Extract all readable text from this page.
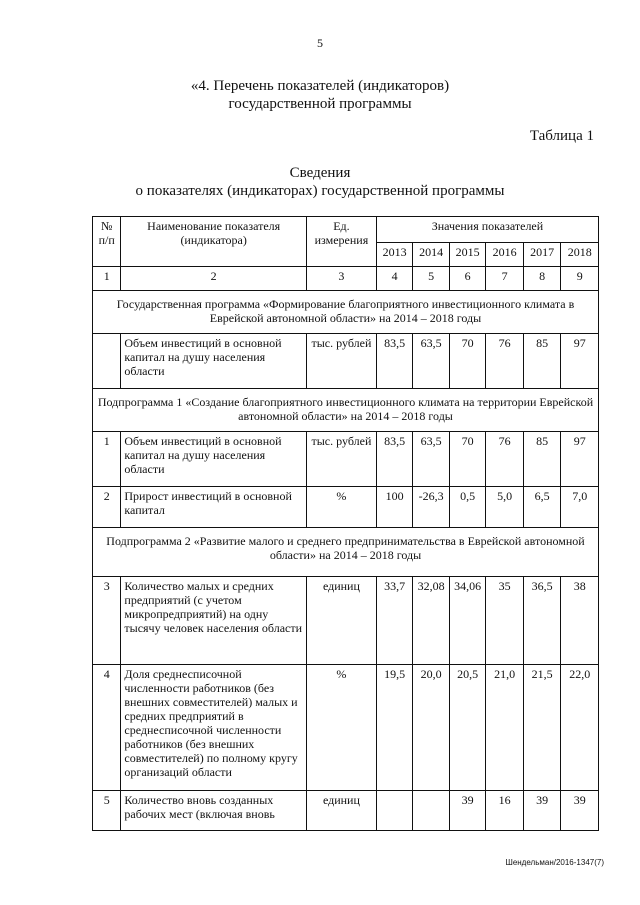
5
«4. Перечень показателей (индикаторов)
государственной программы
Таблица 1
Сведения
о показателях (индикаторах) государственной программы
№ п/п	Наименование показателя (индикатора)	Ед. измерения	Значения показателей					
			2013	2014	2015	2016	2017	2018
1	2	3	4	5	6	7	8	9
Государственная программа «Формирование благоприятного инвестиционного климата в Еврейской автономной области» на 2014 – 2018 годы								
	Объем инвестиций в основной капитал на душу населения области	тыс. рублей	83,5	63,5	70	76	85	97
Подпрограмма 1 «Создание благоприятного инвестиционного климата на территории Еврейской автономной области» на 2014 – 2018 годы								
1	Объем инвестиций в основной капитал на душу населения области	тыс. рублей	83,5	63,5	70	76	85	97
2	Прирост инвестиций в основной капитал	%	100	-26,3	0,5	5,0	6,5	7,0
Подпрограмма 2 «Развитие малого и среднего предпринимательства в Еврейской автономной области» на 2014 – 2018 годы								
3	Количество малых и средних предприятий (с учетом микропредприятий) на одну тысячу человек населения области	единиц	33,7	32,08	34,06	35	36,5	38
4	Доля среднесписочной численности работников (без внешних совместителей) малых и средних предприятий в среднесписочной численности работников (без внешних совместителей) по полному кругу организаций области	%	19,5	20,0	20,5	21,0	21,5	22,0
5	Количество вновь созданных рабочих мест (включая вновь	единиц			39	16	39	39
Шендельман/2016-1347(7)
